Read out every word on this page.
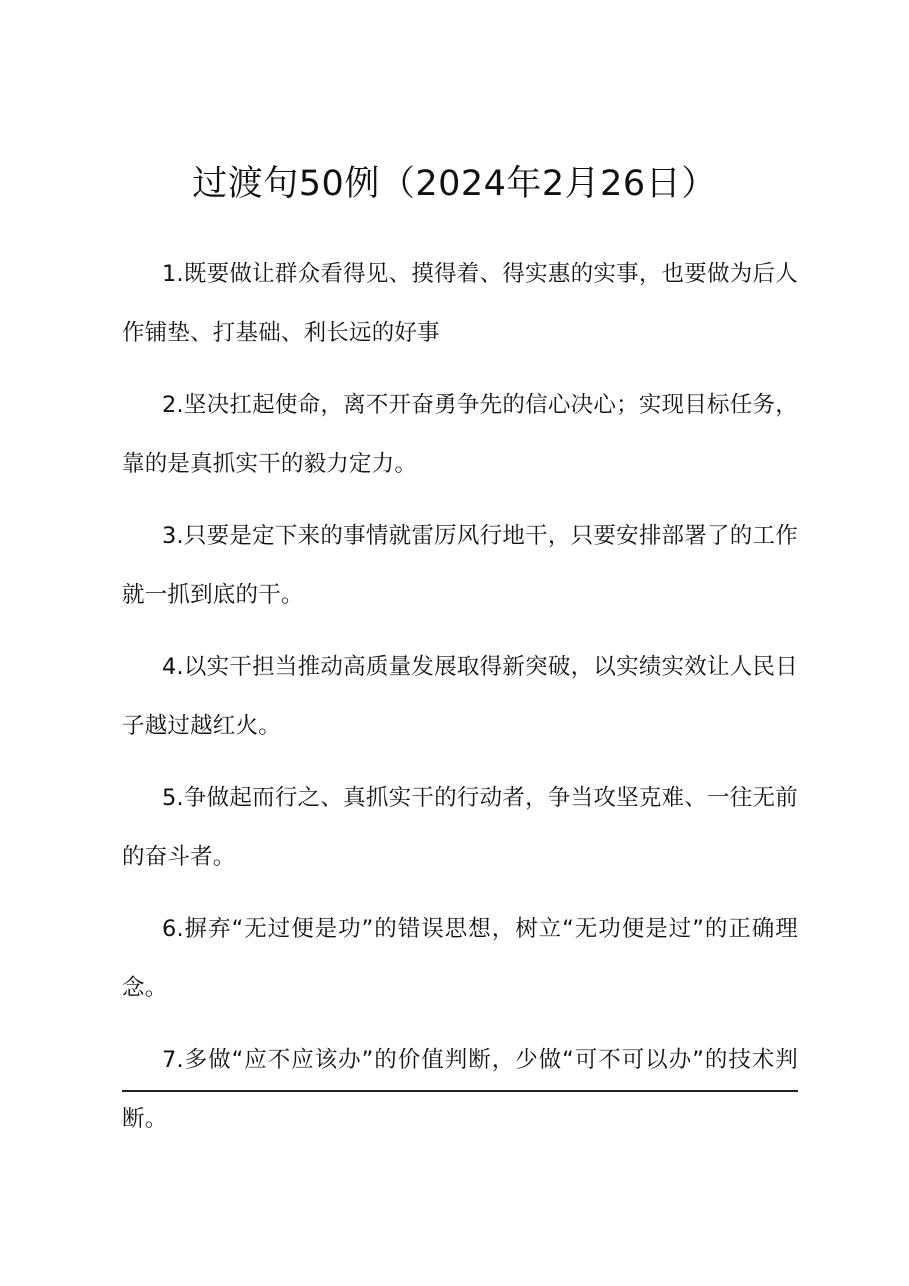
过渡句50例（2024年2月26日）

1.既要做让群众看得见、摸得着、得实惠的实事，也要做为后人作铺垫、打基础、利长远的好事

2.坚决扛起使命，离不开奋勇争先的信心决心；实现目标任务，靠的是真抓实干的毅力定力。

3.只要是定下来的事情就雷厉风行地干，只要安排部署了的工作就一抓到底的干。

4.以实干担当推动高质量发展取得新突破，以实绩实效让人民日子越过越红火。

5.争做起而行之、真抓实干的行动者，争当攻坚克难、一往无前的奋斗者。

6.摒弃“无过便是功”的错误思想，树立“无功便是过”的正确理念。

7.多做“应不应该办”的价值判断，少做“可不可以办”的技术判断。
